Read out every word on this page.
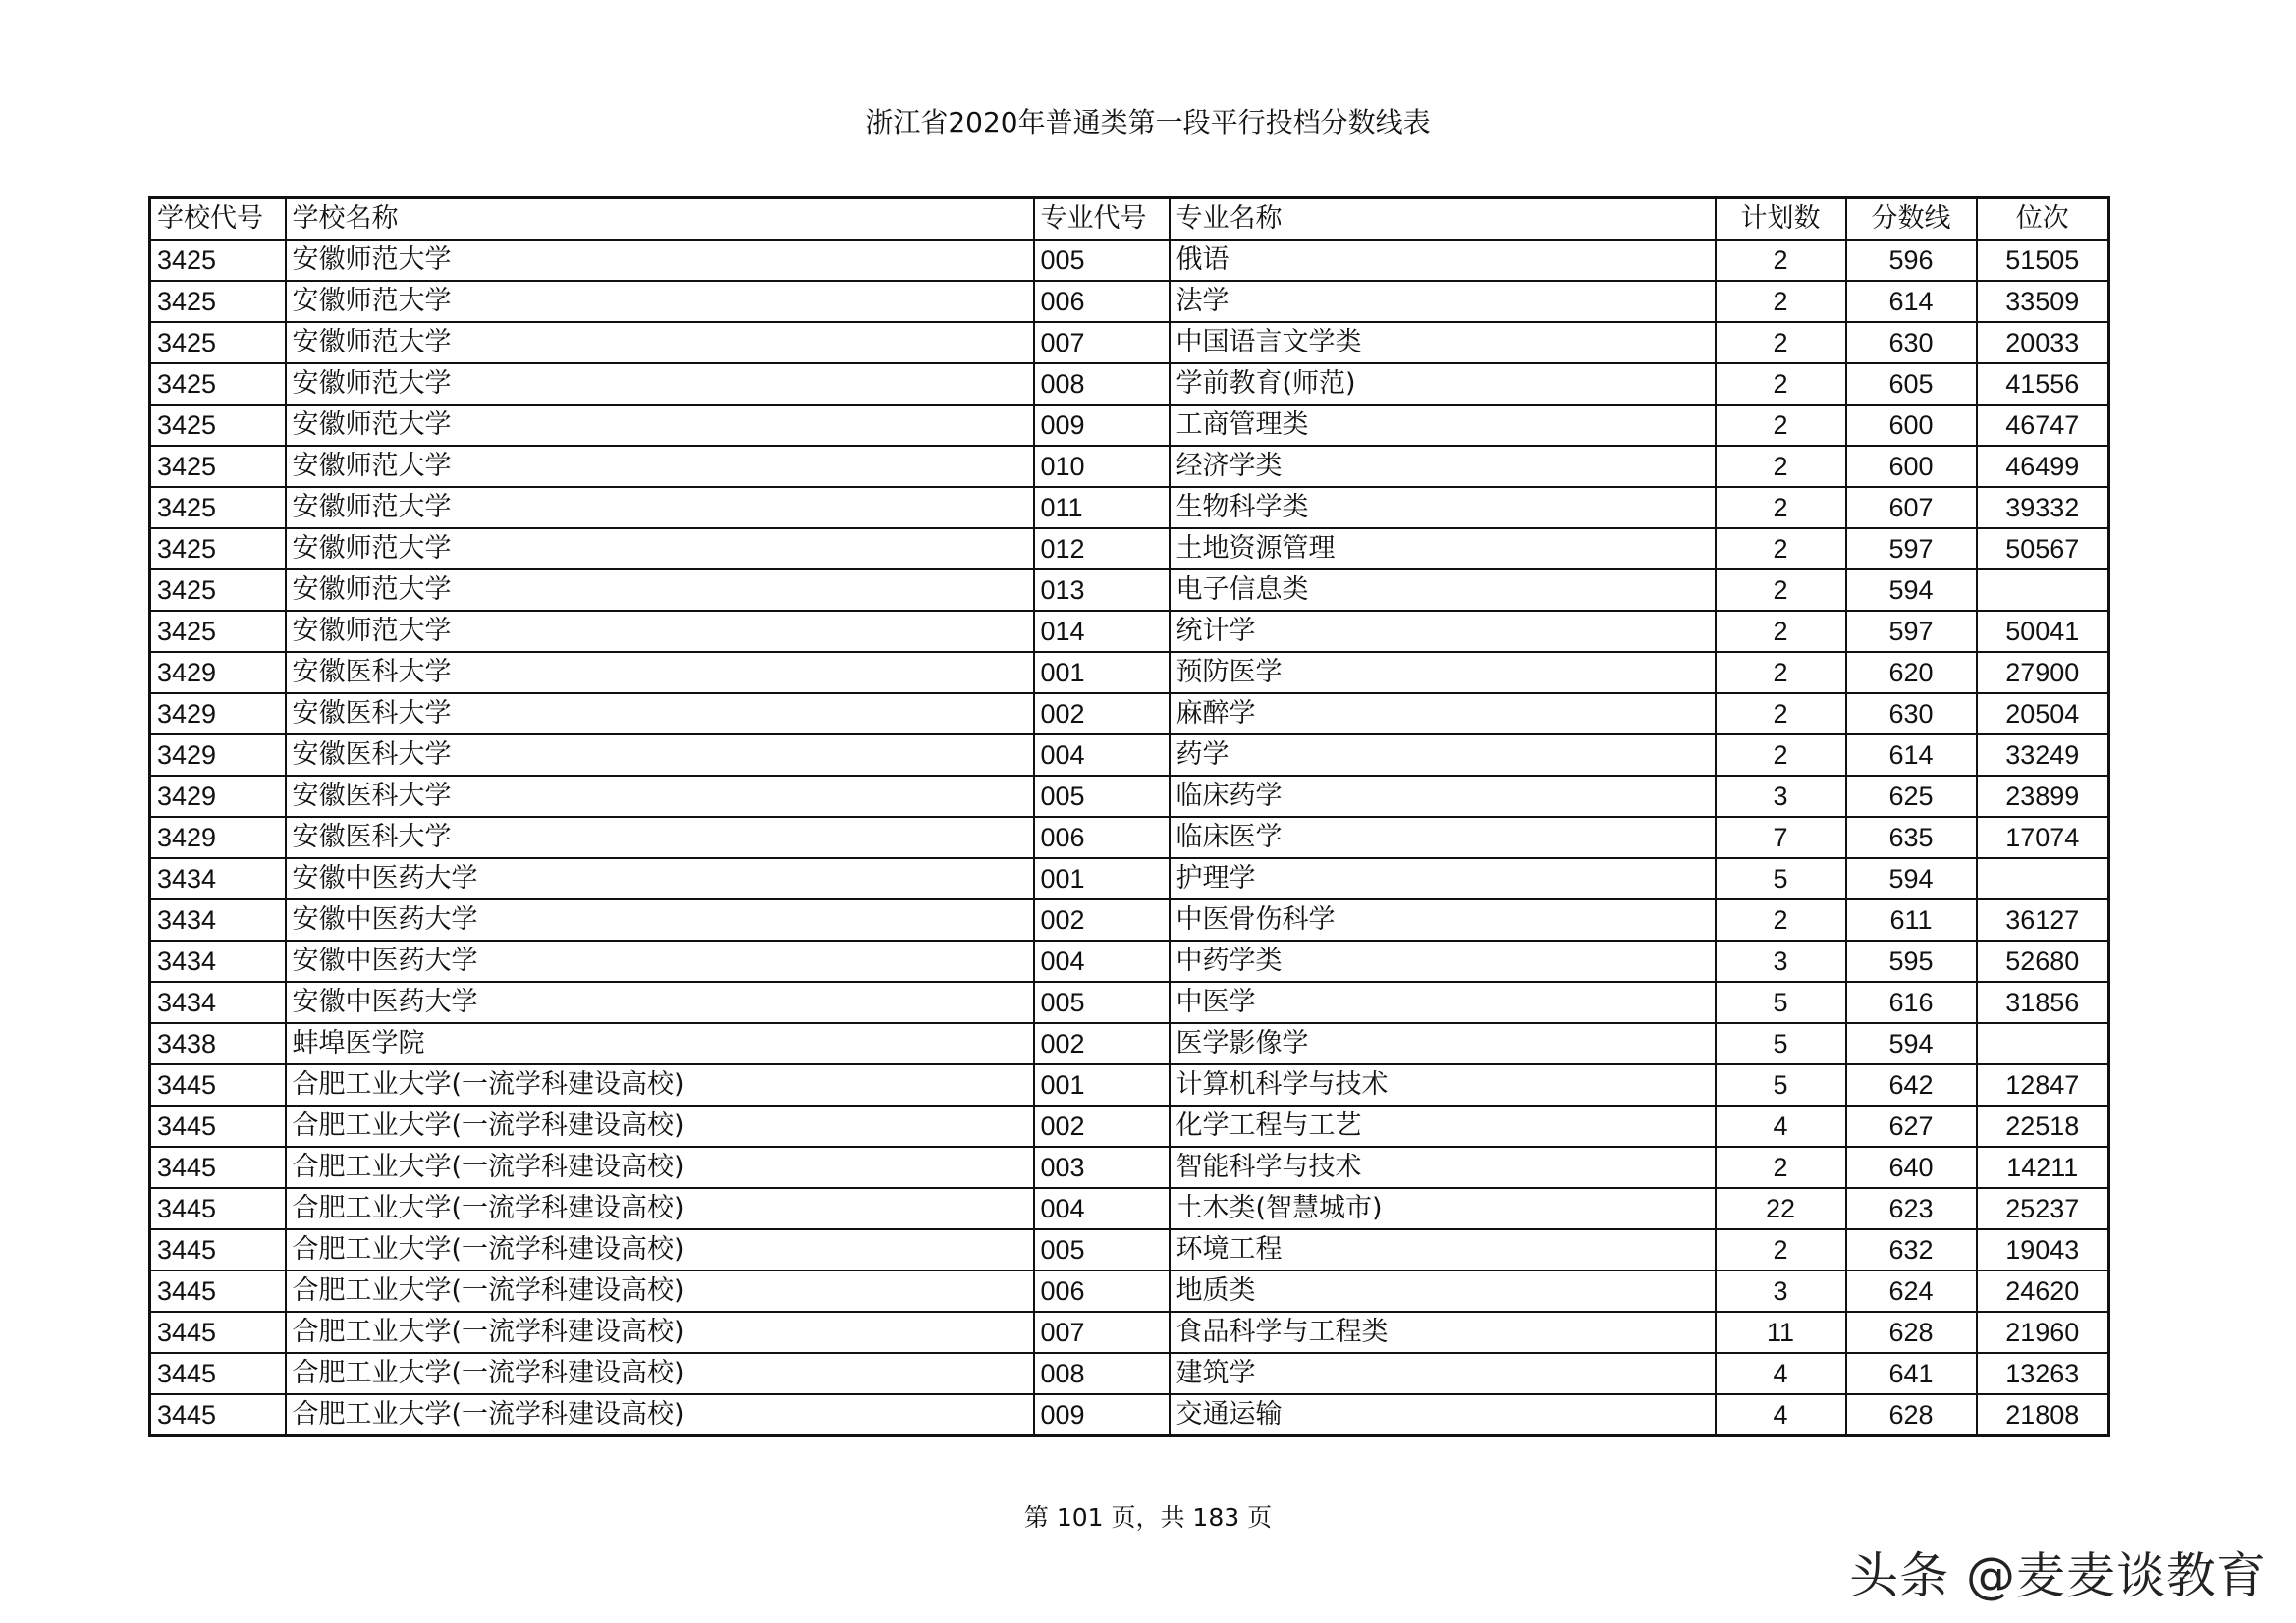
浙江省2020年普通类第一段平行投档分数线表
学校代号	学校名称	专业代号	专业名称	计划数	分数线	位次
3425	安徽师范大学	005	俄语	2	596	51505
3425	安徽师范大学	006	法学	2	614	33509
3425	安徽师范大学	007	中国语言文学类	2	630	20033
3425	安徽师范大学	008	学前教育(师范)	2	605	41556
3425	安徽师范大学	009	工商管理类	2	600	46747
3425	安徽师范大学	010	经济学类	2	600	46499
3425	安徽师范大学	011	生物科学类	2	607	39332
3425	安徽师范大学	012	土地资源管理	2	597	50567
3425	安徽师范大学	013	电子信息类	2	594	
3425	安徽师范大学	014	统计学	2	597	50041
3429	安徽医科大学	001	预防医学	2	620	27900
3429	安徽医科大学	002	麻醉学	2	630	20504
3429	安徽医科大学	004	药学	2	614	33249
3429	安徽医科大学	005	临床药学	3	625	23899
3429	安徽医科大学	006	临床医学	7	635	17074
3434	安徽中医药大学	001	护理学	5	594	
3434	安徽中医药大学	002	中医骨伤科学	2	611	36127
3434	安徽中医药大学	004	中药学类	3	595	52680
3434	安徽中医药大学	005	中医学	5	616	31856
3438	蚌埠医学院	002	医学影像学	5	594	
3445	合肥工业大学(一流学科建设高校)	001	计算机科学与技术	5	642	12847
3445	合肥工业大学(一流学科建设高校)	002	化学工程与工艺	4	627	22518
3445	合肥工业大学(一流学科建设高校)	003	智能科学与技术	2	640	14211
3445	合肥工业大学(一流学科建设高校)	004	土木类(智慧城市)	22	623	25237
3445	合肥工业大学(一流学科建设高校)	005	环境工程	2	632	19043
3445	合肥工业大学(一流学科建设高校)	006	地质类	3	624	24620
3445	合肥工业大学(一流学科建设高校)	007	食品科学与工程类	11	628	21960
3445	合肥工业大学(一流学科建设高校)	008	建筑学	4	641	13263
3445	合肥工业大学(一流学科建设高校)	009	交通运输	4	628	21808
第 101 页，共 183 页
头条 @麦麦谈教育
